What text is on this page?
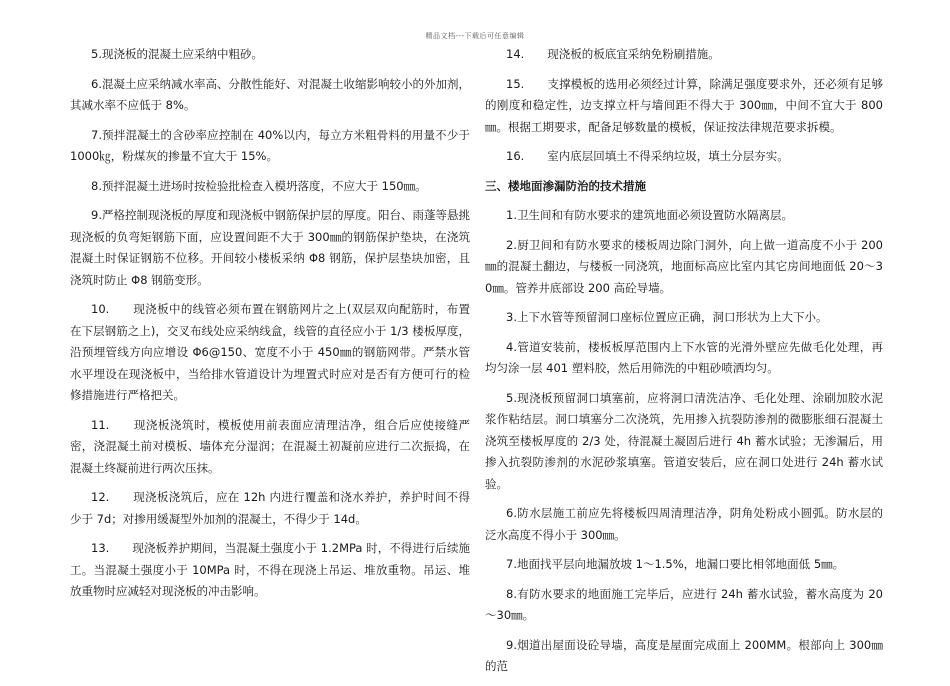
精品文档---下载后可任意编辑

5.现浇板的混凝土应采纳中粗砂。

6.混凝土应采纳减水率高、分散性能好、对混凝土收缩影响较小的外加剂，其减水率不应低于 8%。

7.预拌混凝土的含砂率应控制在 40%以内，每立方米粗骨料的用量不少于 1000㎏，粉煤灰的掺量不宜大于 15%。

8.预拌混凝土进场时按检验批检查入模坍落度，不应大于 150㎜。

9.严格控制现浇板的厚度和现浇板中钢筋保护层的厚度。阳台、雨蓬等悬挑现浇板的负弯矩钢筋下面，应设置间距不大于 300㎜的钢筋保护垫块，在浇筑混凝土时保证钢筋不位移。开间较小楼板采纳 Φ8 钢筋，保护层垫块加密，且浇筑时防止 Φ8 钢筋变形。

10.　　现浇板中的线管必须布置在钢筋网片之上(双层双向配筋时，布置在下层钢筋之上)，交叉布线处应采纳线盒，线管的直径应小于 1/3 楼板厚度，沿预埋管线方向应增设 Φ6@150、宽度不小于 450㎜的钢筋网带。严禁水管水平埋设在现浇板中，当给排水管道设计为埋置式时应对是否有方便可行的检修措施进行严格把关。

11.　　现浇板浇筑时，模板使用前表面应清理洁净，组合后应使接缝严密，浇混凝土前对模板、墙体充分湿润；在混凝土初凝前应进行二次振捣，在混凝土终凝前进行两次压抹。

12.　　现浇板浇筑后，应在 12h 内进行覆盖和浇水养护，养护时间不得少于 7d；对掺用缓凝型外加剂的混凝土，不得少于 14d。

13.　　现浇板养护期间，当混凝土强度小于 1.2MPa 时，不得进行后续施工。当混凝土强度小于 10MPa 时，不得在现浇上吊运、堆放重物。吊运、堆放重物时应减轻对现浇板的冲击影响。

14.　　现浇板的板底宜采纳免粉刷措施。

15.　　支撑模板的选用必须经过计算，除满足强度要求外，还必须有足够的刚度和稳定性，边支撑立杆与墙间距不得大于 300㎜，中间不宜大于 800㎜。根据工期要求，配备足够数量的模板，保证按法律规范要求拆模。

16.　　室内底层回填土不得采纳垃圾，填土分层夯实。

三、楼地面渗漏防治的技术措施

1.卫生间和有防水要求的建筑地面必须设置防水隔离层。

2.厨卫间和有防水要求的楼板周边除门洞外，向上做一道高度不小于 200㎜的混凝土翻边，与楼板一同浇筑，地面标高应比室内其它房间地面低 20～30㎜。管养井底部设 200 高砼导墙。

3.上下水管等预留洞口座标位置应正确，洞口形状为上大下小。

4.管道安装前，楼板板厚范围内上下水管的光滑外壁应先做毛化处理，再均匀涂一层 401 塑料胶，然后用筛洗的中粗砂喷洒均匀。

5.现浇板预留洞口填塞前，应将洞口清洗洁净、毛化处理、涂刷加胶水泥浆作粘结层。洞口填塞分二次浇筑，先用掺入抗裂防渗剂的微膨胀细石混凝土浇筑至楼板厚度的 2/3 处，待混凝土凝固后进行 4h 蓄水试验；无渗漏后，用掺入抗裂防渗剂的水泥砂浆填塞。管道安装后，应在洞口处进行 24h 蓄水试验。

6.防水层施工前应先将楼板四周清理洁净，阴角处粉成小圆弧。防水层的泛水高度不得小于 300㎜。

7.地面找平层向地漏放坡 1～1.5%，地漏口要比相邻地面低 5㎜。

8.有防水要求的地面施工完毕后，应进行 24h 蓄水试验，蓄水高度为 20～30㎜。

9.烟道出屋面设砼导墙，高度是屋面完成面上 200MM。根部向上 300㎜的范
